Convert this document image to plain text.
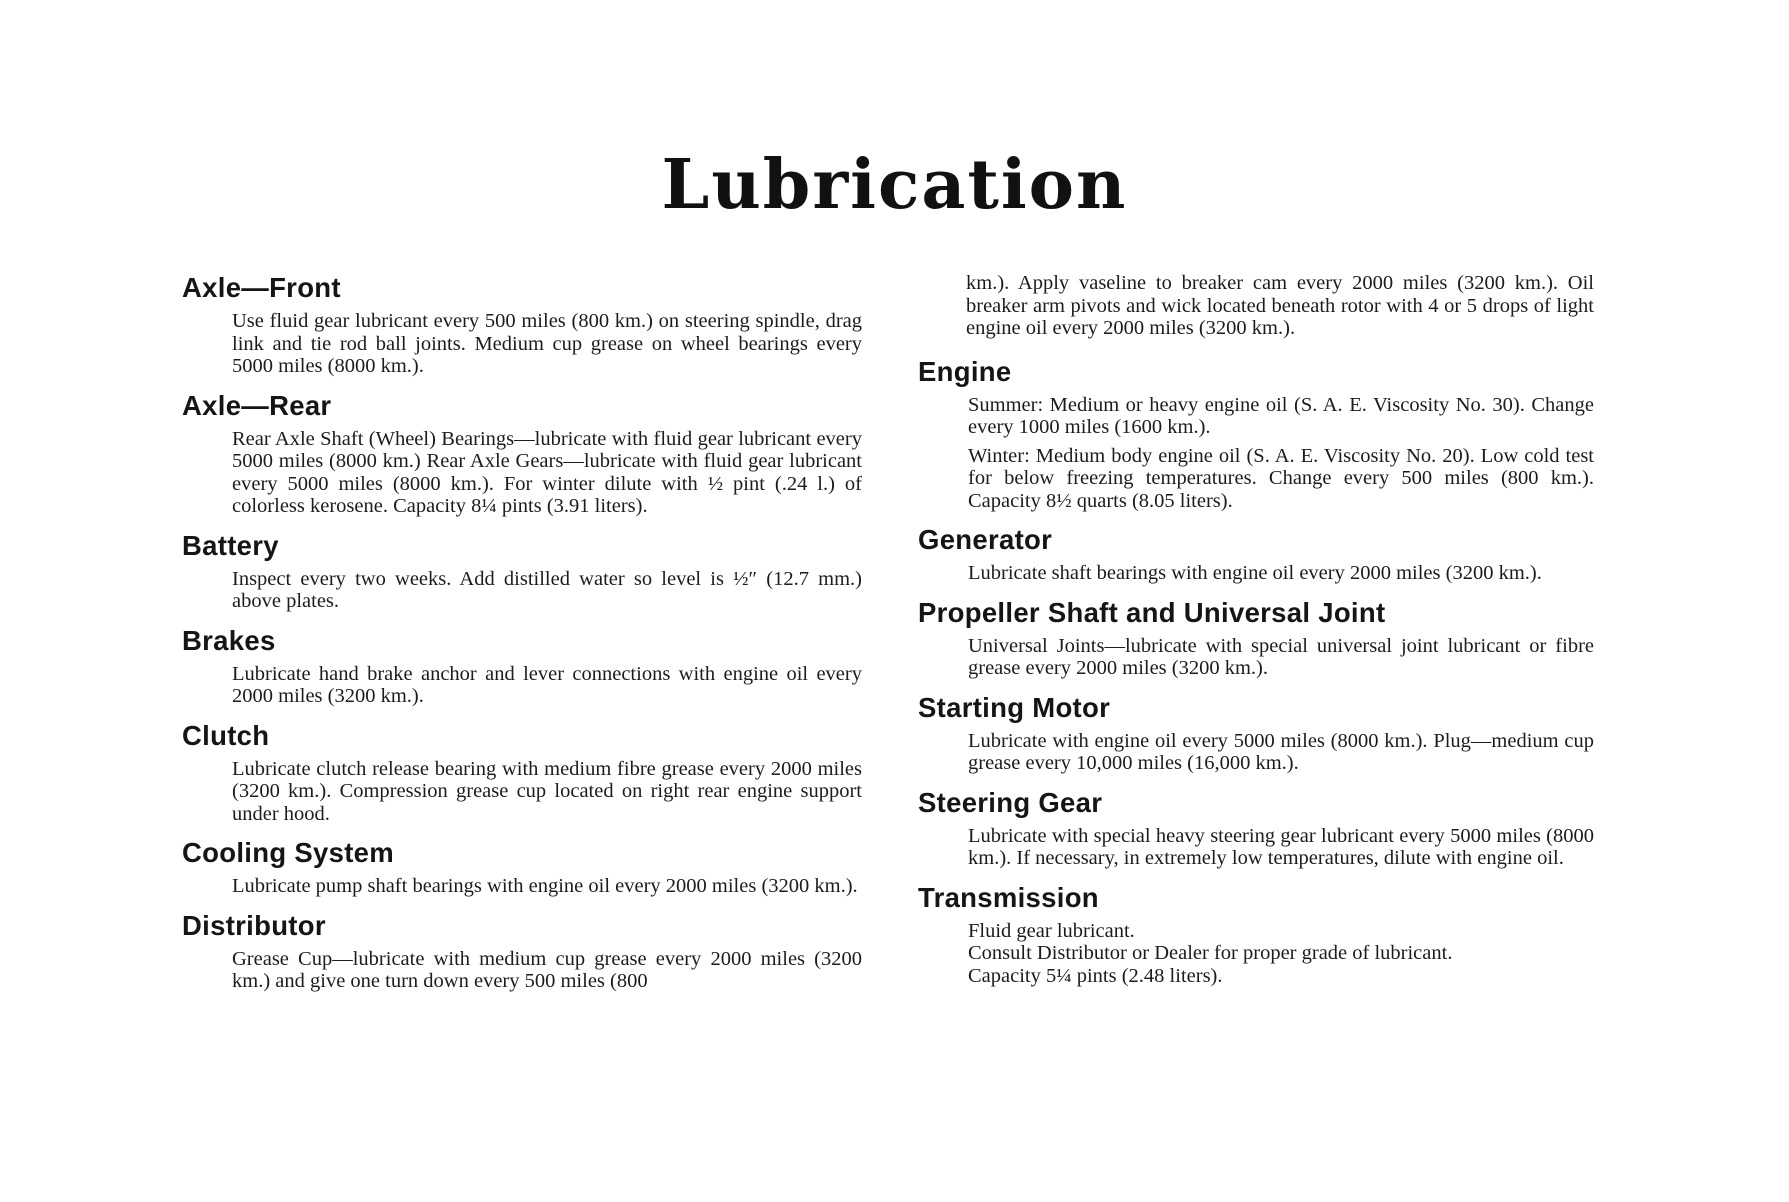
Lubrication
Axle—Front

Use fluid gear lubricant every 500 miles (800 km.) on steering spindle, drag link and tie rod ball joints. Medium cup grease on wheel bearings every 5000 miles (8000 km.).

Axle—Rear

Rear Axle Shaft (Wheel) Bearings—lubricate with fluid gear lubricant every 5000 miles (8000 km.) Rear Axle Gears—lubricate with fluid gear lubricant every 5000 miles (8000 km.). For winter dilute with ½ pint (.24 l.) of colorless kerosene. Capacity 8¼ pints (3.91 liters).

Battery

Inspect every two weeks. Add distilled water so level is ½″ (12.7 mm.) above plates.

Brakes

Lubricate hand brake anchor and lever connections with engine oil every 2000 miles (3200 km.).

Clutch

Lubricate clutch release bearing with medium fibre grease every 2000 miles (3200 km.). Compression grease cup located on right rear engine support under hood.

Cooling System

Lubricate pump shaft bearings with engine oil every 2000 miles (3200 km.).

Distributor

Grease Cup—lubricate with medium cup grease every 2000 miles (3200 km.) and give one turn down every 500 miles (800

km.). Apply vaseline to breaker cam every 2000 miles (3200 km.). Oil breaker arm pivots and wick located beneath rotor with 4 or 5 drops of light engine oil every 2000 miles (3200 km.).

Engine

Summer: Medium or heavy engine oil (S. A. E. Viscosity No. 30). Change every 1000 miles (1600 km.).

Winter: Medium body engine oil (S. A. E. Viscosity No. 20). Low cold test for below freezing temperatures. Change every 500 miles (800 km.). Capacity 8½ quarts (8.05 liters).

Generator

Lubricate shaft bearings with engine oil every 2000 miles (3200 km.).

Propeller Shaft and Universal Joint

Universal Joints—lubricate with special universal joint lubricant or fibre grease every 2000 miles (3200 km.).

Starting Motor

Lubricate with engine oil every 5000 miles (8000 km.). Plug—medium cup grease every 10,000 miles (16,000 km.).

Steering Gear

Lubricate with special heavy steering gear lubricant every 5000 miles (8000 km.). If necessary, in extremely low temperatures, dilute with engine oil.

Transmission
Fluid gear lubricant.
Consult Distributor or Dealer for proper grade of lubricant.
Capacity 5¼ pints (2.48 liters).
